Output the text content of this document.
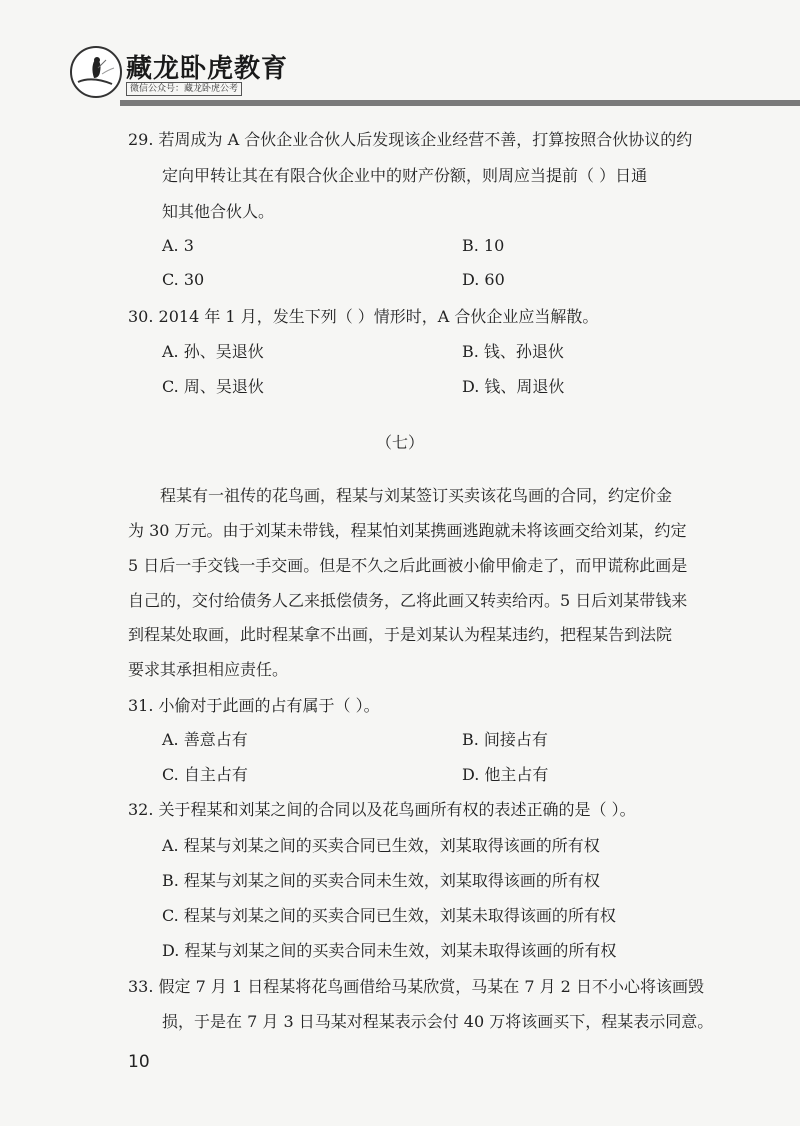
藏龙卧虎教育
微信公众号：藏龙卧虎公考
29. 若周成为 A 合伙企业合伙人后发现该企业经营不善，打算按照合伙协议的约
定向甲转让其在有限合伙企业中的财产份额，则周应当提前（ ）日通
知其他合伙人。
A. 3	B. 10
C. 30	D. 60
30. 2014 年 1 月，发生下列（ ）情形时，A 合伙企业应当解散。
A. 孙、吴退伙	B. 钱、孙退伙
C. 周、吴退伙	D. 钱、周退伙
（七）
程某有一祖传的花鸟画，程某与刘某签订买卖该花鸟画的合同，约定价金
为 30 万元。由于刘某未带钱，程某怕刘某携画逃跑就未将该画交给刘某，约定
5 日后一手交钱一手交画。但是不久之后此画被小偷甲偷走了，而甲谎称此画是
自己的，交付给债务人乙来抵偿债务，乙将此画又转卖给丙。5 日后刘某带钱来
到程某处取画，此时程某拿不出画，于是刘某认为程某违约，把程某告到法院
要求其承担相应责任。
31. 小偷对于此画的占有属于（ ）。
A. 善意占有	B. 间接占有
C. 自主占有	D. 他主占有
32. 关于程某和刘某之间的合同以及花鸟画所有权的表述正确的是（ ）。
A. 程某与刘某之间的买卖合同已生效，刘某取得该画的所有权
B. 程某与刘某之间的买卖合同未生效，刘某取得该画的所有权
C. 程某与刘某之间的买卖合同已生效，刘某未取得该画的所有权
D. 程某与刘某之间的买卖合同未生效，刘某未取得该画的所有权
33. 假定 7 月 1 日程某将花鸟画借给马某欣赏，马某在 7 月 2 日不小心将该画毁
损，于是在 7 月 3 日马某对程某表示会付 40 万将该画买下，程某表示同意。
10
